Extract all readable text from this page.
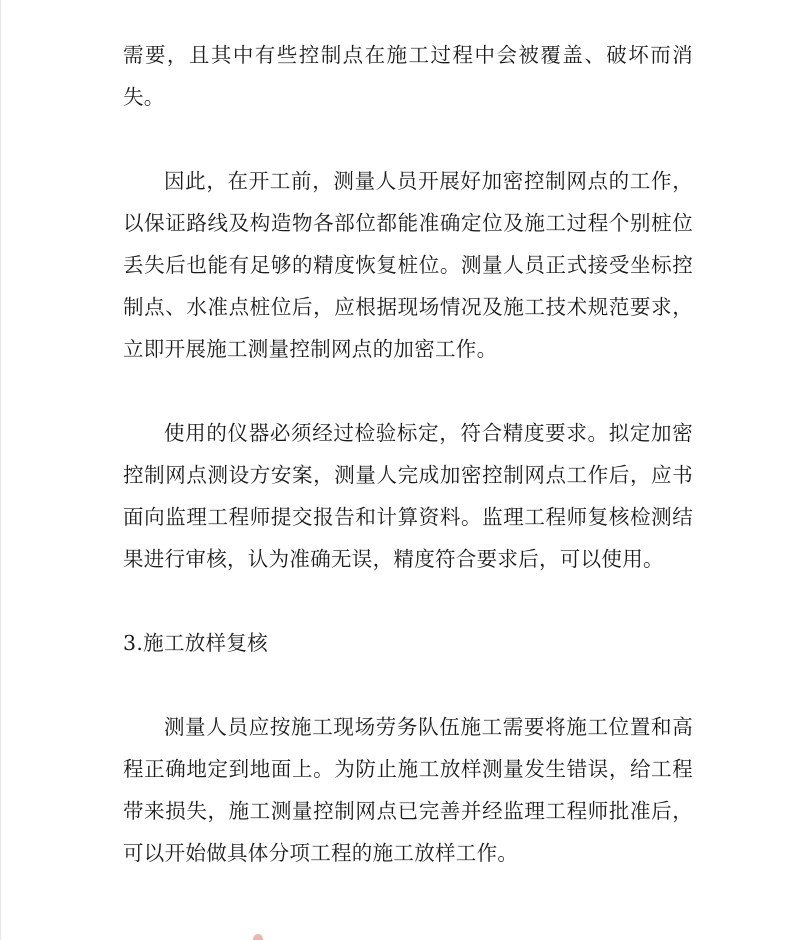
需要，且其中有些控制点在施工过程中会被覆盖、破坏而消失。

因此，在开工前，测量人员开展好加密控制网点的工作，以保证路线及构造物各部位都能准确定位及施工过程个别桩位丢失后也能有足够的精度恢复桩位。测量人员正式接受坐标控制点、水准点桩位后，应根据现场情况及施工技术规范要求，立即开展施工测量控制网点的加密工作。

使用的仪器必须经过检验标定，符合精度要求。拟定加密控制网点测设方安案，测量人完成加密控制网点工作后，应书面向监理工程师提交报告和计算资料。监理工程师复核检测结果进行审核，认为准确无误，精度符合要求后，可以使用。

3.施工放样复核

测量人员应按施工现场劳务队伍施工需要将施工位置和高程正确地定到地面上。为防止施工放样测量发生错误，给工程带来损失，施工测量控制网点已完善并经监理工程师批准后，可以开始做具体分项工程的施工放样工作。
